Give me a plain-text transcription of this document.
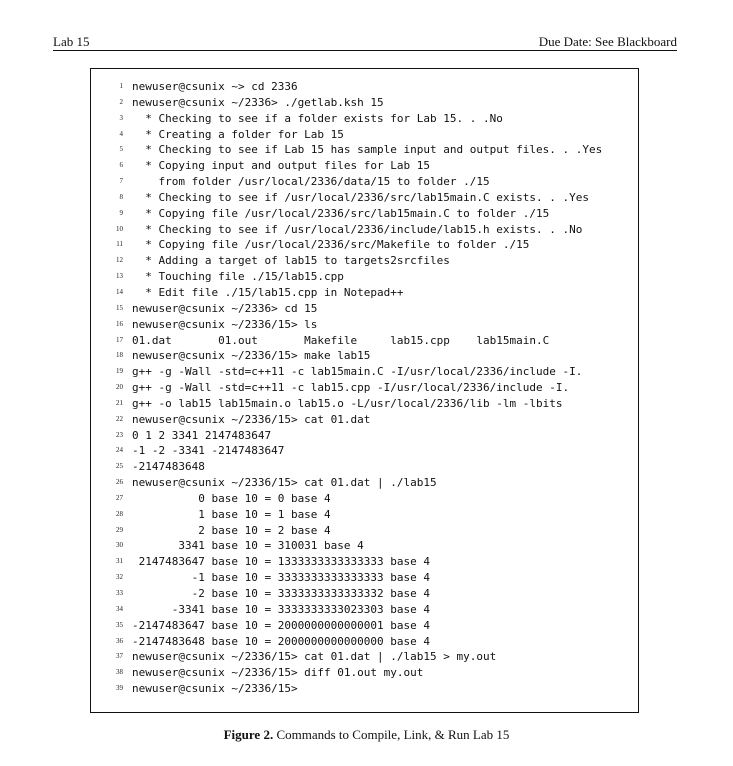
Lab 15	Due Date: See Blackboard
1 newuser@csunix ~> cd 2336
2 newuser@csunix ~/2336> ./getlab.ksh 15
3 * Checking to see if a folder exists for Lab 15. . .No
4 * Creating a folder for Lab 15
5 * Checking to see if Lab 15 has sample input and output files. . .Yes
6 * Copying input and output files for Lab 15
7 from folder /usr/local/2336/data/15 to folder ./15
8 * Checking to see if /usr/local/2336/src/lab15main.C exists. . .Yes
9 * Copying file /usr/local/2336/src/lab15main.C to folder ./15
10 * Checking to see if /usr/local/2336/include/lab15.h exists. . .No
11 * Copying file /usr/local/2336/src/Makefile to folder ./15
12 * Adding a target of lab15 to targets2srcfiles
13 * Touching file ./15/lab15.cpp
14 * Edit file ./15/lab15.cpp in Notepad++
15 newuser@csunix ~/2336> cd 15
16 newuser@csunix ~/2336/15> ls
17 01.dat       01.out       Makefile     lab15.cpp    lab15main.C
18 newuser@csunix ~/2336/15> make lab15
19 g++ -g -Wall -std=c++11 -c lab15main.C -I/usr/local/2336/include -I.
20 g++ -g -Wall -std=c++11 -c lab15.cpp -I/usr/local/2336/include -I.
21 g++ -o lab15 lab15main.o lab15.o -L/usr/local/2336/lib -lm -lbits
22 newuser@csunix ~/2336/15> cat 01.dat
23 0 1 2 3341 2147483647
24 -1 -2 -3341 -2147483647
25 -2147483648
26 newuser@csunix ~/2336/15> cat 01.dat | ./lab15
27 0 base 10 = 0 base 4
28 1 base 10 = 1 base 4
29 2 base 10 = 2 base 4
30 3341 base 10 = 310031 base 4
31 2147483647 base 10 = 1333333333333333 base 4
32 -1 base 10 = 3333333333333333 base 4
33 -2 base 10 = 3333333333333332 base 4
34 -3341 base 10 = 3333333333023303 base 4
35 -2147483647 base 10 = 2000000000000001 base 4
36 -2147483648 base 10 = 2000000000000000 base 4
37 newuser@csunix ~/2336/15> cat 01.dat | ./lab15 > my.out
38 newuser@csunix ~/2336/15> diff 01.out my.out
39 newuser@csunix ~/2336/15>
Figure 2. Commands to Compile, Link, & Run Lab 15
